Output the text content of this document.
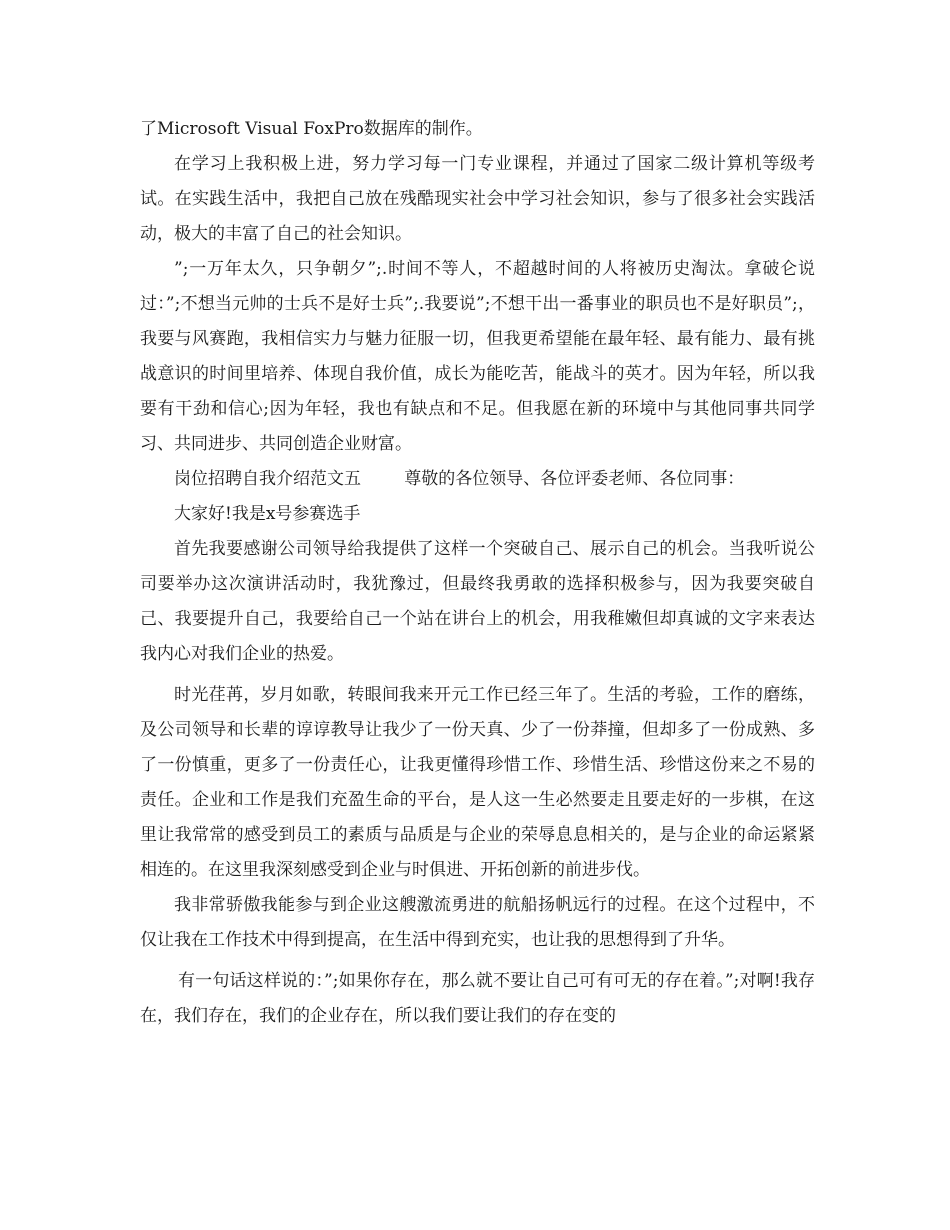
了Microsoft Visual FoxPro数据库的制作。

在学习上我积极上进，努力学习每一门专业课程，并通过了国家二级计算机等级考试。在实践生活中，我把自己放在残酷现实社会中学习社会知识，参与了很多社会实践活动，极大的丰富了自己的社会知识。

”;一万年太久，只争朝夕”;.时间不等人，不超越时间的人将被历史淘汰。拿破仑说过：”;不想当元帅的士兵不是好士兵”;.我要说”;不想干出一番事业的职员也不是好职员”;，我要与风赛跑，我相信实力与魅力征服一切，但我更希望能在最年轻、最有能力、最有挑战意识的时间里培养、体现自我价值，成长为能吃苦，能战斗的英才。因为年轻，所以我要有干劲和信心;因为年轻，我也有缺点和不足。但我愿在新的环境中与其他同事共同学习、共同进步、共同创造企业财富。

岗位招聘自我介绍范文五        尊敬的各位领导、各位评委老师、各位同事：

大家好!我是x号参赛选手

首先我要感谢公司领导给我提供了这样一个突破自己、展示自己的机会。当我听说公司要举办这次演讲活动时，我犹豫过，但最终我勇敢的选择积极参与，因为我要突破自己、我要提升自己，我要给自己一个站在讲台上的机会，用我稚嫩但却真诚的文字来表达我内心对我们企业的热爱。

时光荏苒，岁月如歌，转眼间我来开元工作已经三年了。生活的考验，工作的磨练，及公司领导和长辈的谆谆教导让我少了一份天真、少了一份莽撞，但却多了一份成熟、多了一份慎重，更多了一份责任心，让我更懂得珍惜工作、珍惜生活、珍惜这份来之不易的责任。企业和工作是我们充盈生命的平台，是人这一生必然要走且要走好的一步棋，在这里让我常常的感受到员工的素质与品质是与企业的荣辱息息相关的，是与企业的命运紧紧相连的。在这里我深刻感受到企业与时俱进、开拓创新的前进步伐。

我非常骄傲我能参与到企业这艘激流勇进的航船扬帆远行的过程。在这个过程中，不仅让我在工作技术中得到提高，在生活中得到充实，也让我的思想得到了升华。

有一句话这样说的：”;如果你存在，那么就不要让自己可有可无的存在着。”;对啊!我存在，我们存在，我们的企业存在，所以我们要让我们的存在变的
